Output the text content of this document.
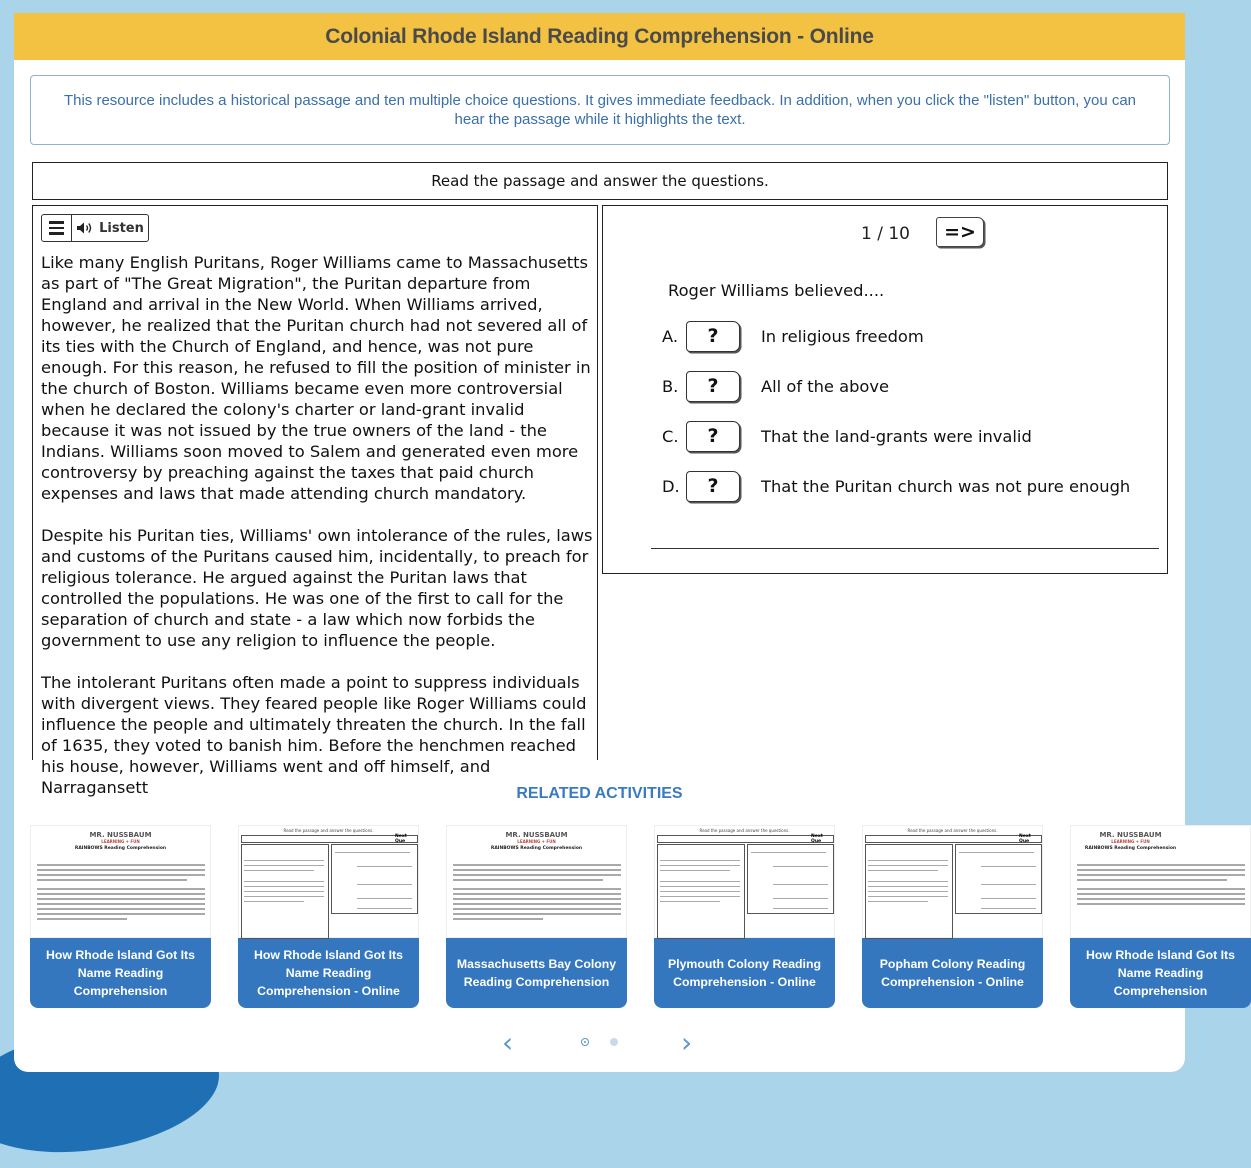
Colonial Rhode Island Reading Comprehension - Online
This resource includes a historical passage and ten multiple choice questions. It gives immediate feedback. In addition, when you click the "listen" button, you can hear the passage while it highlights the text.
Read the passage and answer the questions.
Listen

Like many English Puritans, Roger Williams came to Massachusetts as part of "The Great Migration", the Puritan departure from England and arrival in the New World. When Williams arrived, however, he realized that the Puritan church had not severed all of its ties with the Church of England, and hence, was not pure enough. For this reason, he refused to fill the position of minister in the church of Boston. Williams became even more controversial when he declared the colony's charter or land-grant invalid because it was not issued by the true owners of the land - the Indians. Williams soon moved to Salem and generated even more controversy by preaching against the taxes that paid church expenses and laws that made attending church mandatory.

Despite his Puritan ties, Williams' own intolerance of the rules, laws and customs of the Puritans caused him, incidentally, to preach for religious tolerance. He argued against the Puritan laws that controlled the populations. He was one of the first to call for the separation of church and state - a law which now forbids the government to use any religion to influence the people.

The intolerant Puritans often made a point to suppress individuals with divergent views. They feared people like Roger Williams could influence the people and ultimately threaten the church. In the fall of 1635, they voted to banish him. Before the henchmen reached his house, however, Williams went and off himself, and Narragansett

1 / 10	=>
Roger Williams believed....
A.	?	In religious freedom
B.	?	All of the above
C.	?	That the land-grants were invalid
D.	?	That the Puritan church was not pure enough
RELATED ACTIVITIES
MR. NUSSBAUM
LEARNING + FUN
RAINBOWS Reading Comprehension
How Rhode Island Got Its Name Reading Comprehension
Read the passage and answer the questions.
Next Que
How Rhode Island Got Its Name Reading Comprehension - Online
MR. NUSSBAUM
LEARNING + FUN
RAINBOWS Reading Comprehension
Massachusetts Bay Colony Reading Comprehension
Read the passage and answer the questions.
Next Que
Plymouth Colony Reading Comprehension - Online
Read the passage and answer the questions.
Next Que
Popham Colony Reading Comprehension - Online
MR. NUSSBAUM
LEARNING + FUN
RAINBOWS Reading Comprehension
How Rhode Island Got Its Name Reading Comprehension
‹	›
